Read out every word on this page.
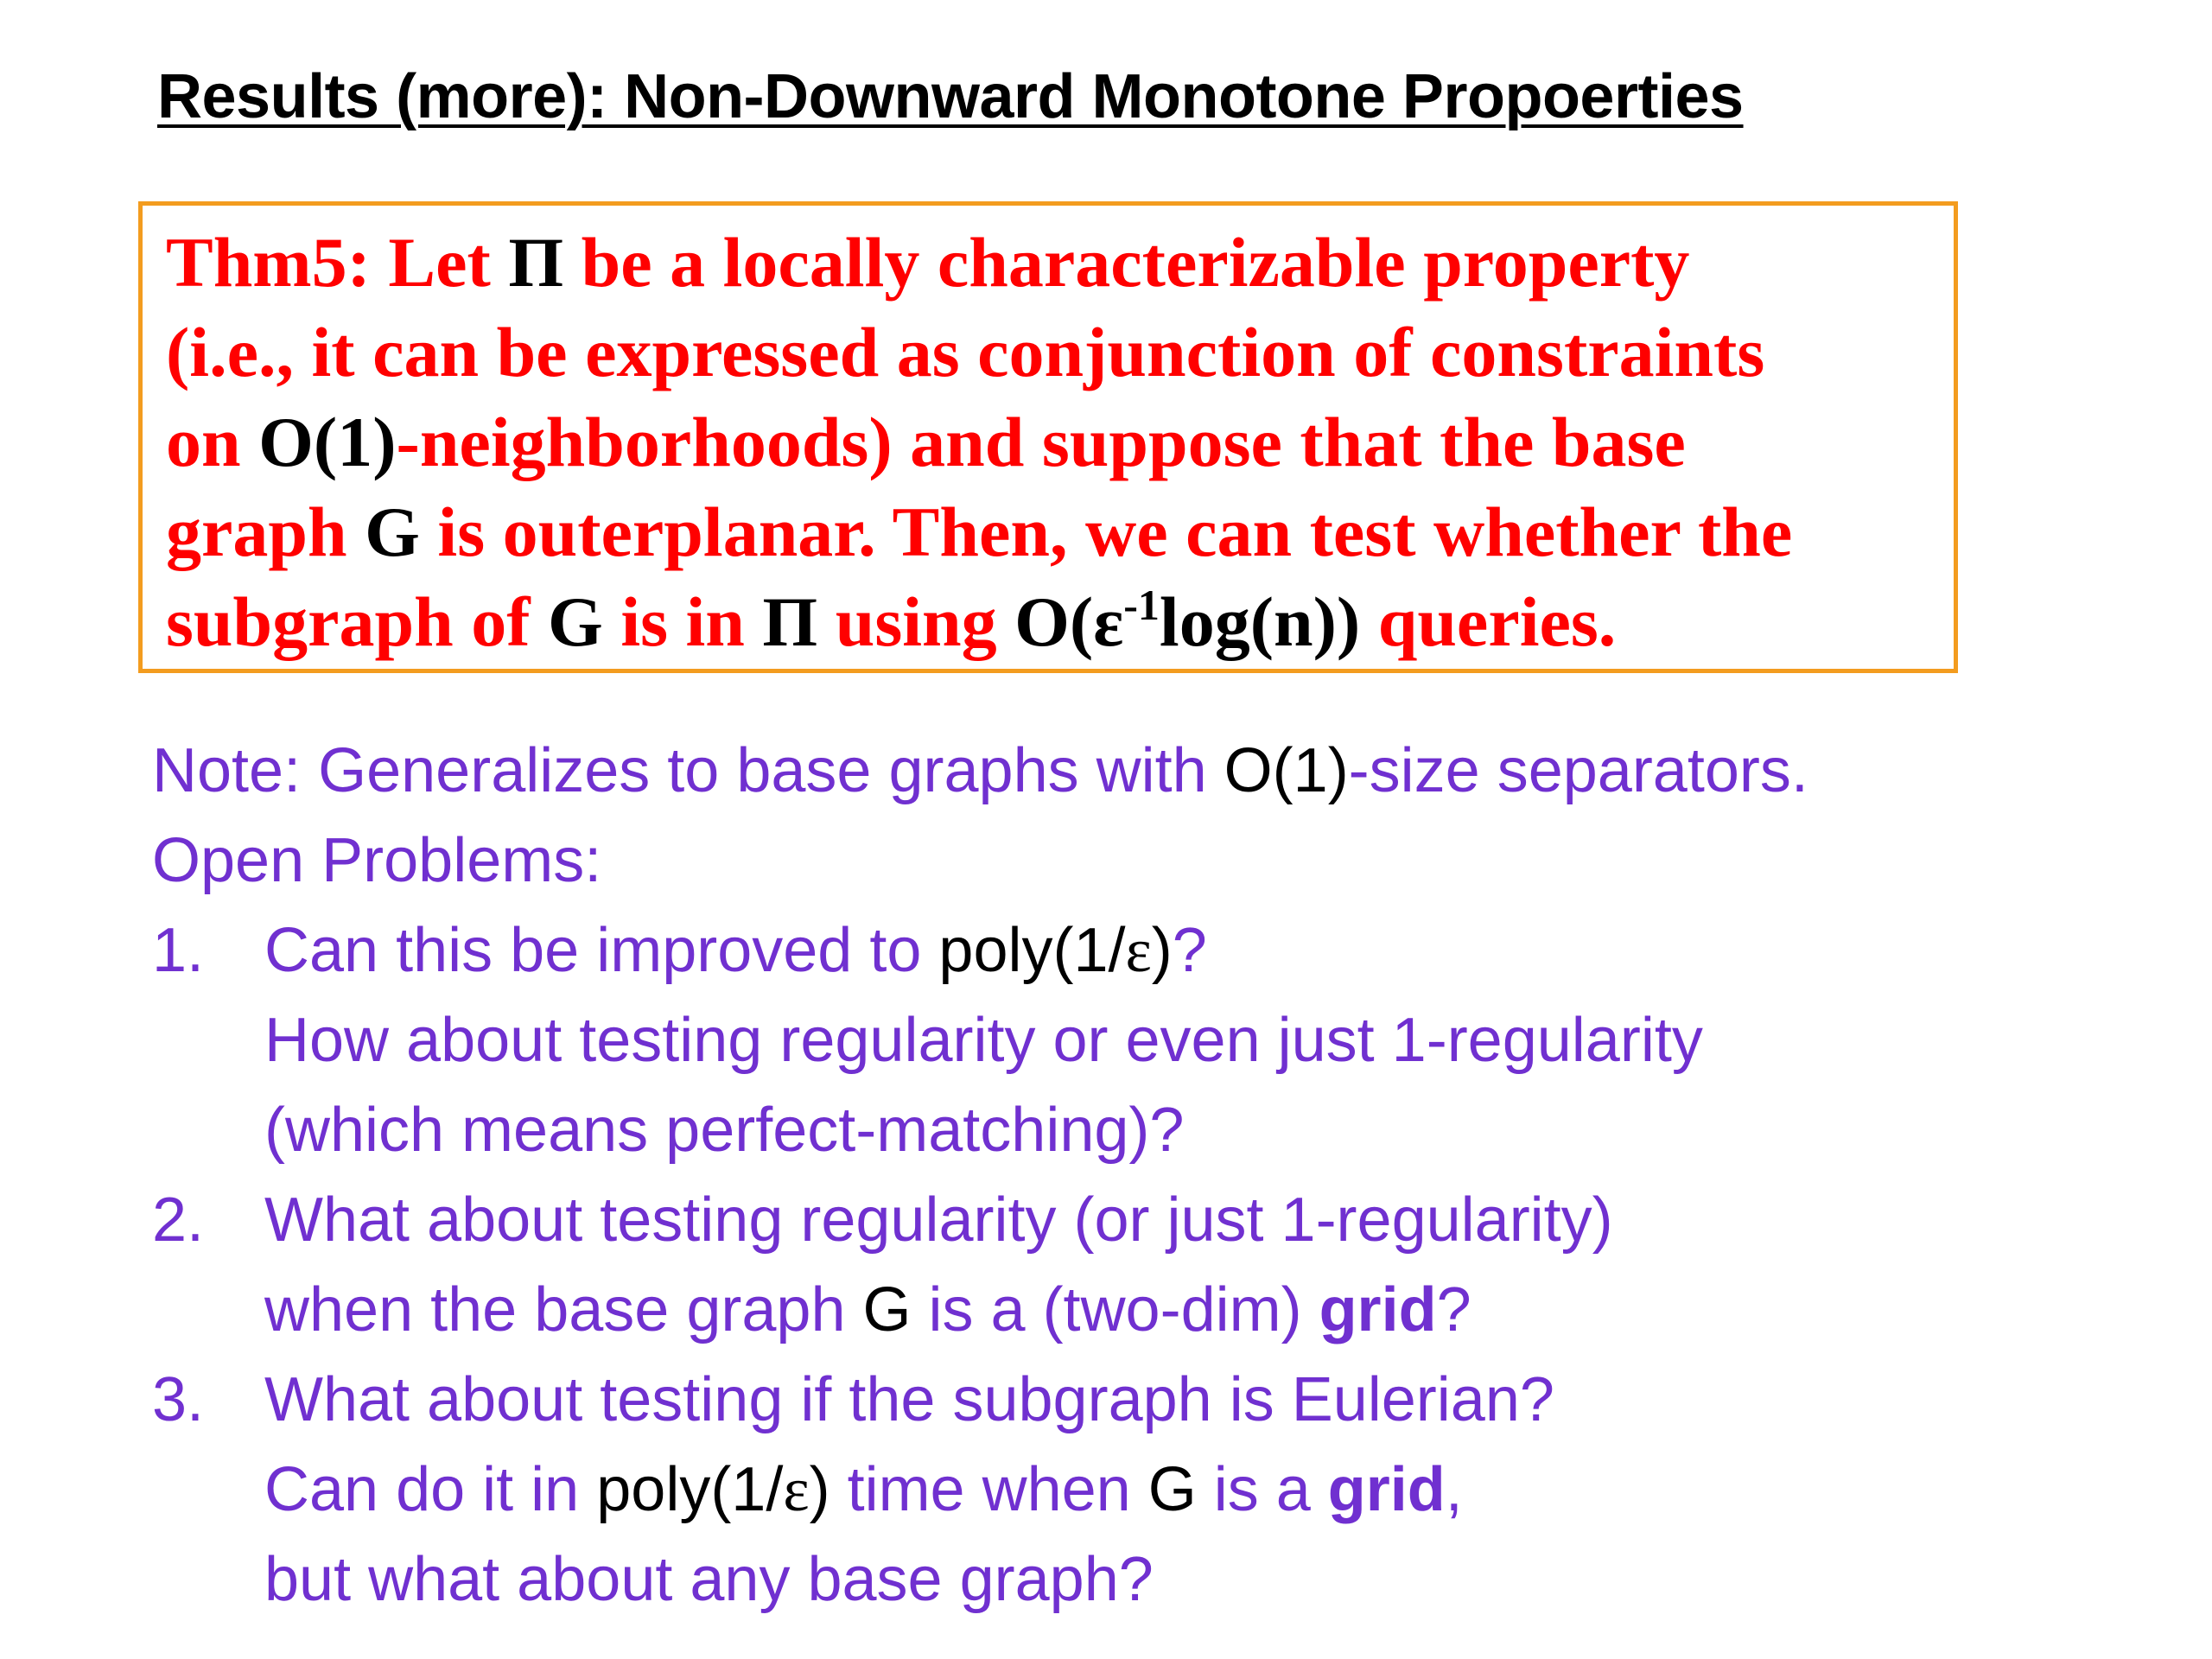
Results (more): Non-Downward Monotone Propoerties
Thm5: Let Π be a locally characterizable property
(i.e., it can be expressed as conjunction of constraints
on O(1)-neighborhoods) and suppose that the base
graph G is outerplanar. Then, we can test whether the
subgraph of G is in Π using $O(\varepsilon^{-1}\log(n))$ queries.
Note: Generalizes to base graphs with O(1)-size separators.
Open Problems:
1. Can this be improved to poly(1/ε)?
How about testing regularity or even just 1-regularity
(which means perfect-matching)?
2. What about testing regularity (or just 1-regularity)
when the base graph G is a (two-dim) grid?
3. What about testing if the subgraph is Eulerian?
Can do it in poly(1/ε) time when G is a grid,
but what about any base graph?
